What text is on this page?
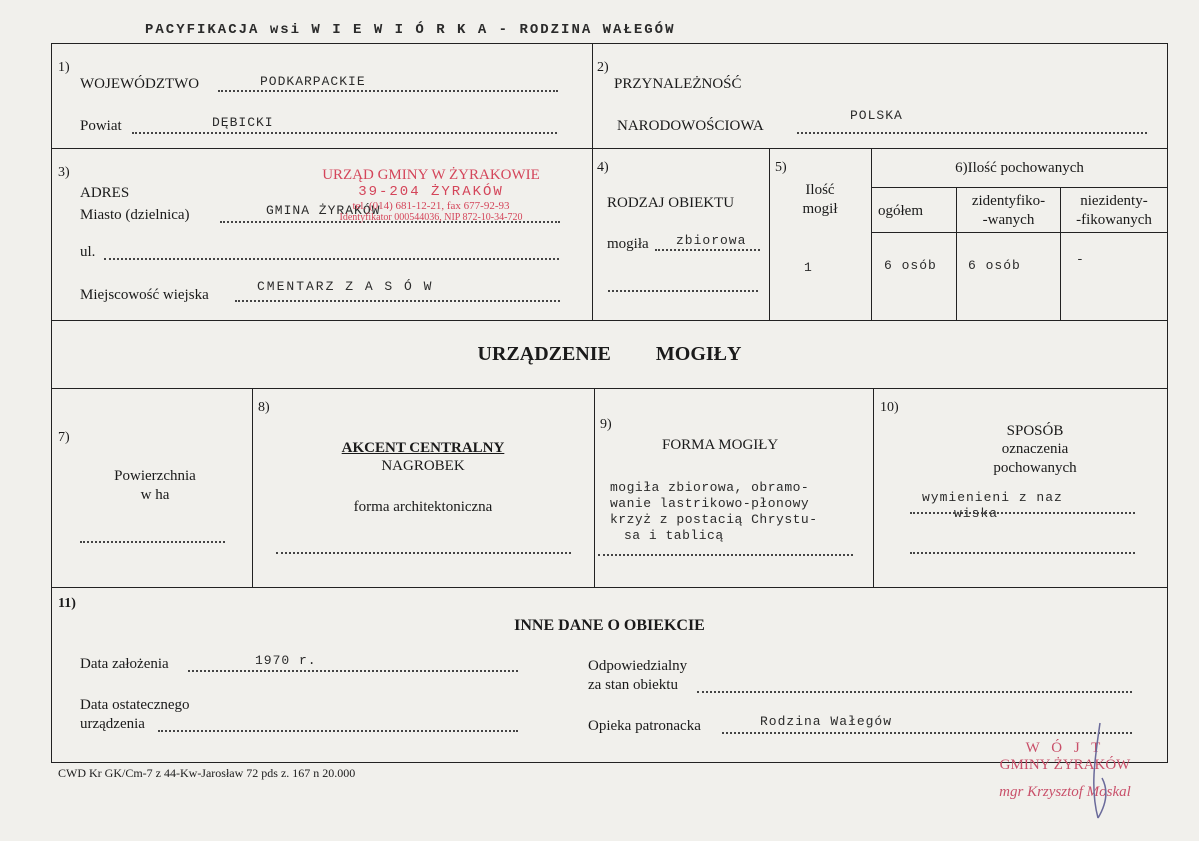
PACYFIKACJA wsi W I E W I Ó R K A - RODZINA WAŁEGÓW
1)
WOJEWÓDZTWO	PODKARPACKIE
Powiat	DĘBICKI
2)
PRZYNALEŻNOŚĆ
NARODOWOŚCIOWA
POLSKA
3)
ADRES
Miasto (dzielnica)	GMINA ŻYRAKÓW
ul.
Miejscowość wiejska
CMENTARZ Z A S Ó W
URZĄD GMINY W ŻYRAKOWIE
39-204 ŻYRAKÓW
tel. (014) 681-12-21, fax 677-92-93
Identyfikator 000544036, NIP 872-10-34-720
4)
RODZAJ OBIEKTU
mogiła zbiorowa
5)
Ilość
mogił
1
6)Ilość pochowanych
ogółem
zidentyfiko-
-wanych
niezidenty-
-fikowanych
6 osób 6 osób	-
URZĄDZENIE MOGIŁY
7)
Powierzchnia
w ha
8)
AKCENT CENTRALNY
NAGROBEK
forma architektoniczna
9)
FORMA MOGIŁY
mogiła zbiorowa, obramo-
wanie lastrikowo-płonowy
krzyż z postacią Chrystu-
sa i tablicą
10)
SPOSÓB
oznaczenia
pochowanych
wymienieni z naz
wiska
11)
INNE DANE O OBIEKCIE
Data założenia	1970 r.
Data ostatecznego
urządzenia
Odpowiedzialny
za stan obiektu
Opieka patronacka	Rodzina Wałegów
CWD Kr GK/Cm-7 z 44-Kw-Jarosław 72 pds z. 167 n 20.000
W Ó J T
GMINY ŻYRAKÓW
mgr Krzysztof Moskal
